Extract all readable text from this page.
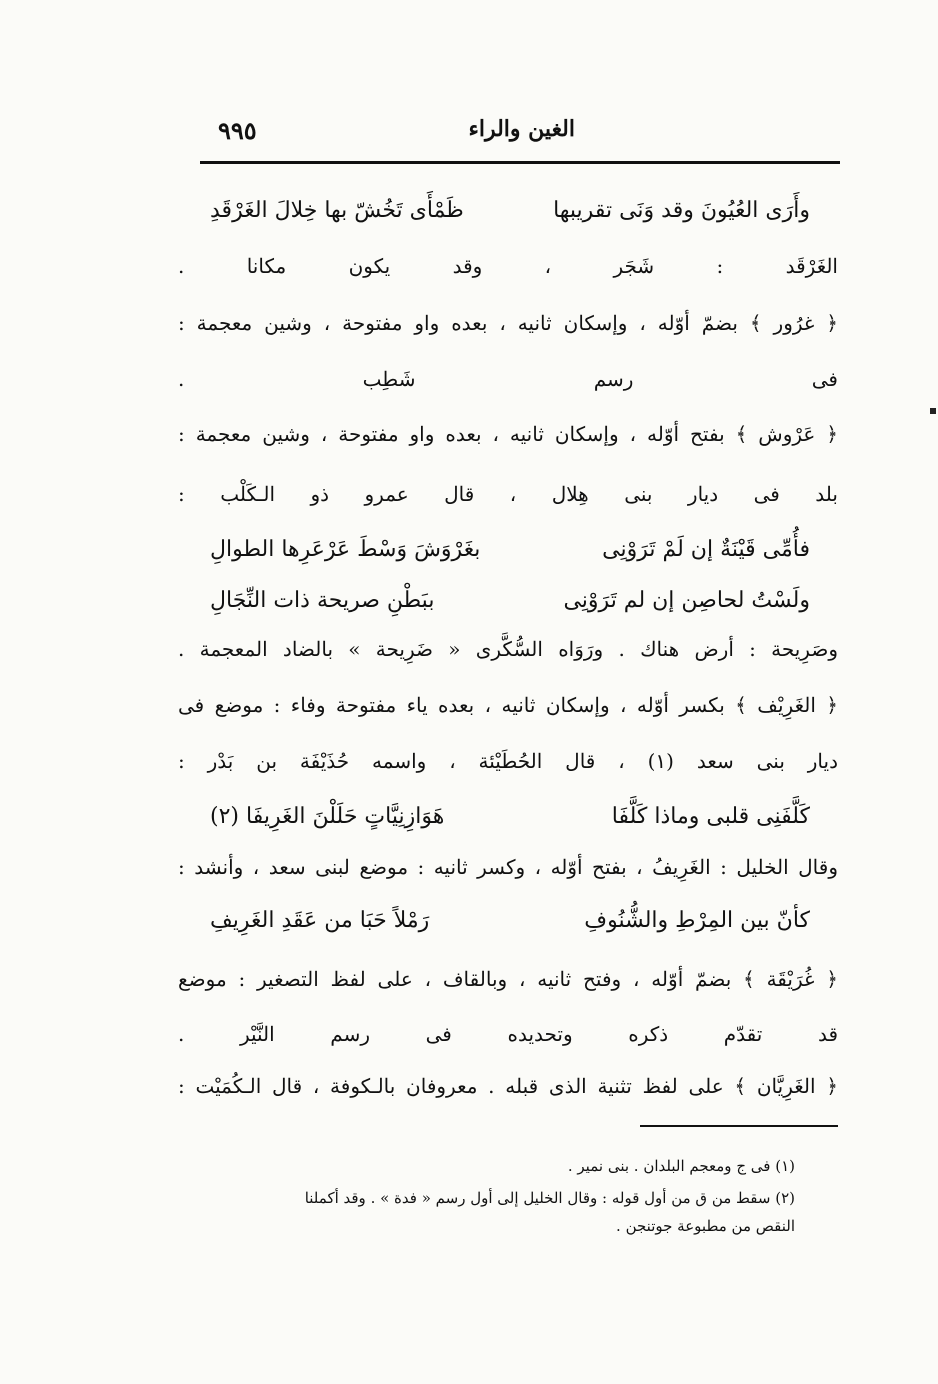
الغين والراء
٩٩٥
وأَرَى العُيُونَ وقد وَنَى تقريبها
ظَمْأَى تَخُشّ بها خِلالَ الغَرْقَدِ
الغَرْقَد : شَجَر ، وقد يكون مكانا .
﴿ غرُور ﴾ بضمّ أوّله ، وإسكان ثانيه ، بعده واو مفتوحة ، وشين معجمة :
فى رسم شَطِب .
﴿ عَرْوش ﴾ بفتح أوّله ، وإسكان ثانيه ، بعده واو مفتوحة ، وشين معجمة :
بلد فى ديار بنى هِلال ، قال عمرو ذو الـكَلْب :
فأُمِّى قَيْنَةٌ إن لَمْ تَرَوْنِى
بغَرْوَشَ وَسْطَ عَرْعَرِها الطوالِ
ولَسْتُ لحاصِن إن لم تَرَوْنِى
ببَطْنِ صريحة ذات النِّجَالِ
وصَرِيحة : أرض هناك . ورَوَاه السُّكَّرى « ضَرِيحة » بالضاد المعجمة .
﴿ الغَرِيْف ﴾ بكسر أوّله ، وإسكان ثانيه ، بعده ياء مفتوحة وفاء : موضع فى
ديار بنى سعد (١) ، قال الحُطَيْئة ، واسمه حُذَيْفَة بن بَدْر :
كَلَّفَنِى قلبى وماذا كَلَّفَا
هَوَازِنِيَّاتٍ حَلَلْنَ الغَرِيفَا (٢)
وقال الخليل : الغَرِيفُ ، بفتح أوّله ، وكسر ثانيه : موضع لبنى سعد ، وأنشد :
كأنّ بين المِرْطِ والشُّنُوفِ
رَمْلاً حَبَا من عَقَدِ الغَرِيفِ
﴿ غُرَيْقَة ﴾ بضمّ أوّله ، وفتح ثانيه ، وبالقاف ، على لفظ التصغير : موضع
قد تقدّم ذكره وتحديده فى رسم النَّيْر .
﴿ الغَرِيَّان ﴾ على لفظ تثنية الذى قبله . معروفان بالـكوفة ، قال الـكُمَيْت :
(١) فى ج ومعجم البلدان . بنى نمير .
(٢) سقط من ق من أول قوله : وقال الخليل إلى أول رسم « فدة » . وقد أكملنا
النقص من مطبوعة جوتنجن .
